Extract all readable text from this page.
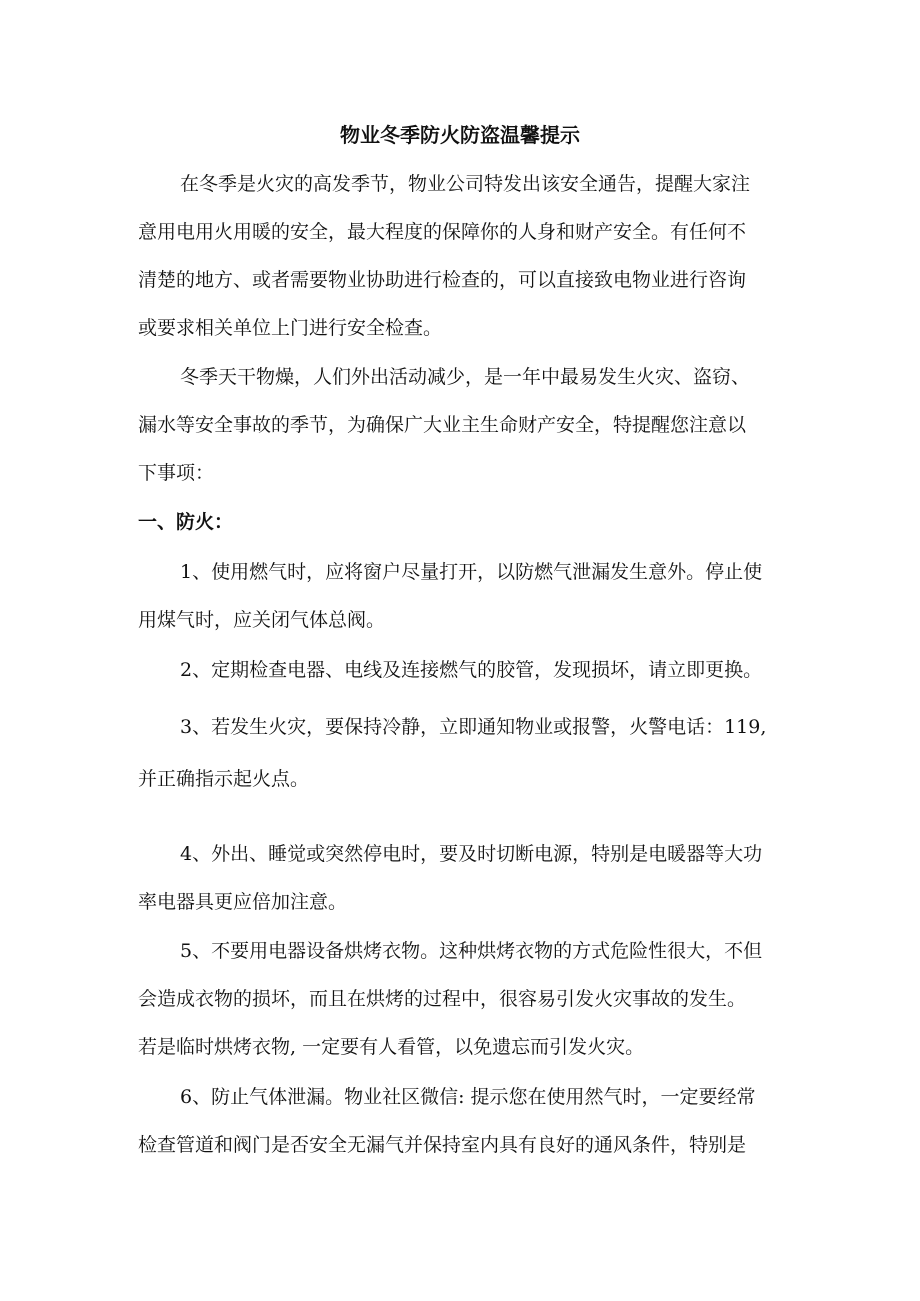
物业冬季防火防盗温馨提示
在冬季是火灾的高发季节，物业公司特发出该安全通告，提醒大家注
意用电用火用暖的安全，最大程度的保障你的人身和财产安全。有任何不
清楚的地方、或者需要物业协助进行检查的，可以直接致电物业进行咨询
或要求相关单位上门进行安全检查。
冬季天干物燥，人们外出活动减少，是一年中最易发生火灾、盗窃、
漏水等安全事故的季节，为确保广大业主生命财产安全，特提醒您注意以
下事项：
一、防火：
1、使用燃气时，应将窗户尽量打开，以防燃气泄漏发生意外。停止使
用煤气时，应关闭气体总阀。
2、定期检查电器、电线及连接燃气的胶管，发现损坏，请立即更换。
3、若发生火灾，要保持冷静，立即通知物业或报警，火警电话：119,
并正确指示起火点。
4、外出、睡觉或突然停电时，要及时切断电源，特别是电暖器等大功
率电器具更应倍加注意。
5、不要用电器设备烘烤衣物。这种烘烤衣物的方式危险性很大，不但
会造成衣物的损坏，而且在烘烤的过程中，很容易引发火灾事故的发生。
若是临时烘烤衣物, 一定要有人看管，以免遗忘而引发火灾。
6、防止气体泄漏。物业社区微信: 提示您在使用然气时，一定要经常
检查管道和阀门是否安全无漏气并保持室内具有良好的通风条件，特别是
